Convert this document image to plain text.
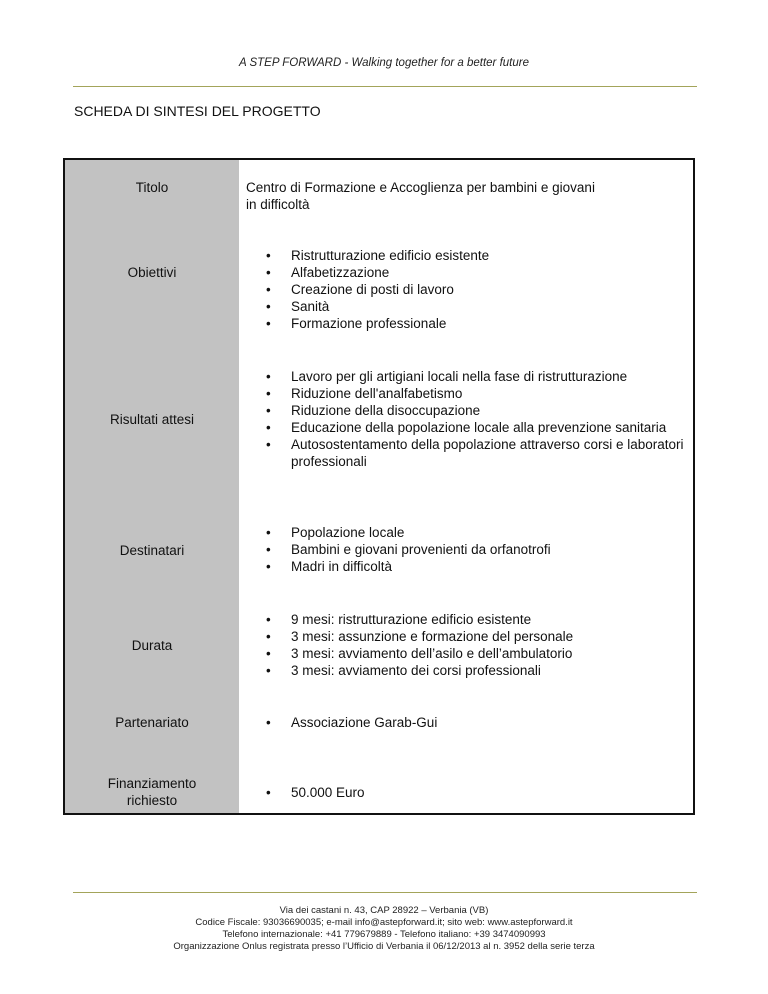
A STEP FORWARD - Walking together for a better future
SCHEDA DI SINTESI DEL PROGETTO
Titolo	Centro di Formazione e Accoglienza per bambini e giovani
in difficoltà
Obiettivi
• Ristrutturazione edificio esistente
• Alfabetizzazione
• Creazione di posti di lavoro
• Sanità
• Formazione professionale
Risultati attesi
• Lavoro per gli artigiani locali nella fase di ristrutturazione
• Riduzione dell'analfabetismo
• Riduzione della disoccupazione
• Educazione della popolazione locale alla prevenzione sanitaria
• Autosostentamento della popolazione attraverso corsi e laboratori professionali
Destinatari
• Popolazione locale
• Bambini e giovani provenienti da orfanotrofi
• Madri in difficoltà
Durata
• 9 mesi: ristrutturazione edificio esistente
• 3 mesi: assunzione e formazione del personale
• 3 mesi: avviamento dell’asilo e dell’ambulatorio
• 3 mesi: avviamento dei corsi professionali
Partenariato
•	Associazione Garab-Gui
Finanziamento
richiesto
• 50.000 Euro
Via dei castani n. 43, CAP 28922 – Verbania (VB)
Codice Fiscale: 93036690035; e-mail info@astepforward.it; sito web: www.astepforward.it
Telefono internazionale: +41 779679889 - Telefono italiano: +39 3474090993
Organizzazione Onlus registrata presso l’Ufficio di Verbania il 06/12/2013 al n. 3952 della serie terza
